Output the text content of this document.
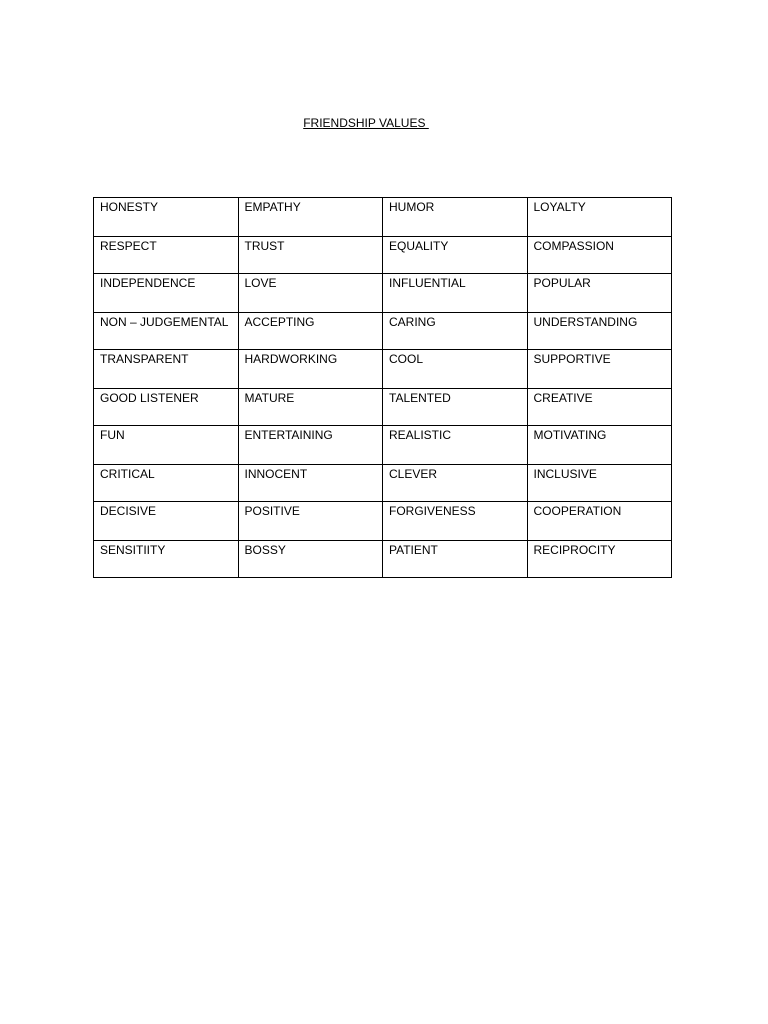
FRIENDSHIP VALUES
HONESTY	EMPATHY	HUMOR	LOYALTY
RESPECT	TRUST	EQUALITY	COMPASSION
INDEPENDENCE	LOVE	INFLUENTIAL	POPULAR
NON – JUDGEMENTAL	ACCEPTING	CARING	UNDERSTANDING
TRANSPARENT	HARDWORKING	COOL	SUPPORTIVE
GOOD LISTENER	MATURE	TALENTED	CREATIVE
FUN	ENTERTAINING	REALISTIC	MOTIVATING
CRITICAL	INNOCENT	CLEVER	INCLUSIVE
DECISIVE	POSITIVE	FORGIVENESS	COOPERATION
SENSITIITY	BOSSY	PATIENT	RECIPROCITY
